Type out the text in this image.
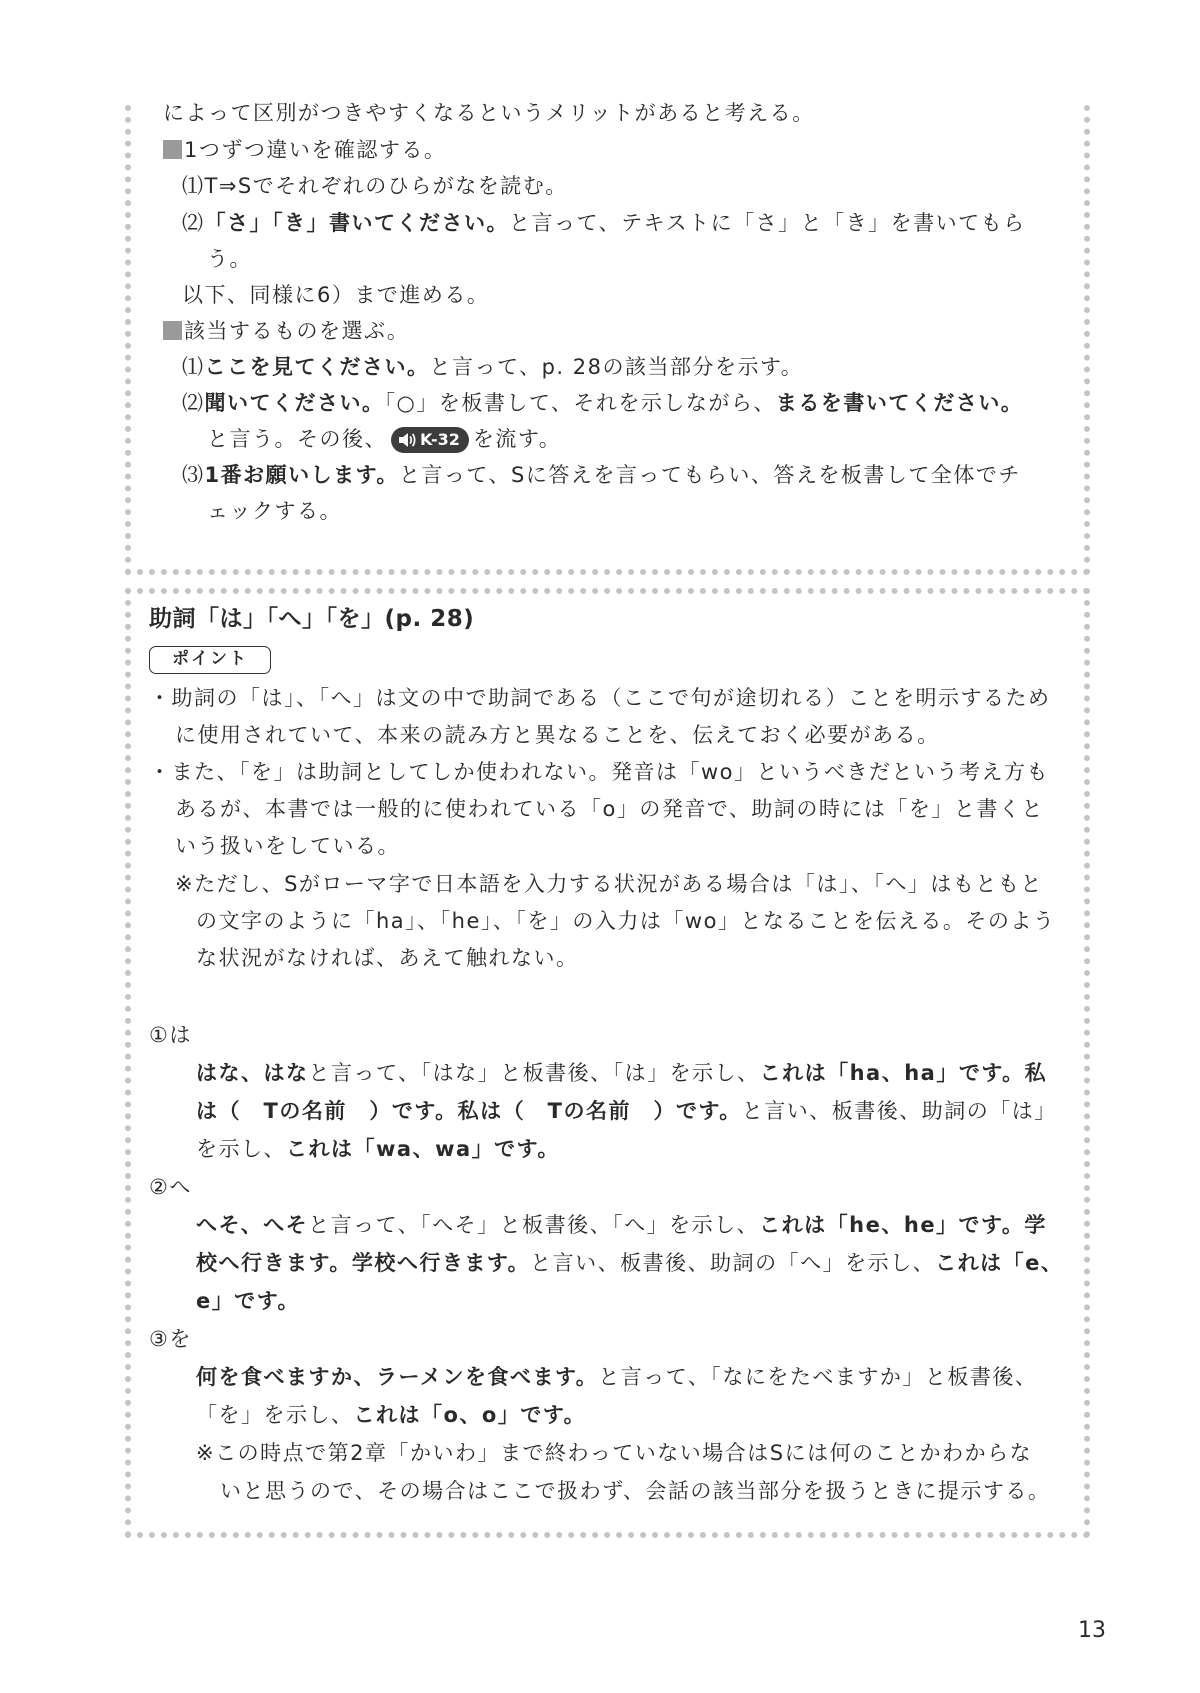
によって区別がつきやすくなるというメリットがあると考える。
1つずつ違いを確認する。
⑴T⇒Sでそれぞれのひらがなを読む。
⑵「さ」「き」書いてください。と言って、テキストに「さ」と「き」を書いてもら
う。
以下、同様に6）まで進める。
該当するものを選ぶ。
⑴ここを見てください。と言って、p. 28の該当部分を示す。
⑵聞いてください。「○」を板書して、それを示しながら、まるを書いてください。
と言う。その後、 K-32 を流す。
⑶1番お願いします。と言って、Sに答えを言ってもらい、答えを板書して全体でチ
ェックする。
助詞「は」「へ」「を」(p. 28)
ポイント
・助詞の「は」、「へ」は文の中で助詞である（ここで句が途切れる）ことを明示するため
に使用されていて、本来の読み方と異なることを、伝えておく必要がある。
・また、「を」は助詞としてしか使われない。発音は「wo」というべきだという考え方も
あるが、本書では一般的に使われている「o」の発音で、助詞の時には「を」と書くと
いう扱いをしている。
※ただし、Sがローマ字で日本語を入力する状況がある場合は「は」、「へ」はもともと
の文字のように「ha」、「he」、「を」の入力は「wo」となることを伝える。そのよう
な状況がなければ、あえて触れない。
①は
はな、はなと言って、「はな」と板書後、「は」を示し、これは「ha、ha」です。私
は（　Tの名前　）です。私は（　Tの名前　）です。と言い、板書後、助詞の「は」
を示し、これは「wa、wa」です。
②へ
へそ、へそと言って、「へそ」と板書後、「へ」を示し、これは「he、he」です。学
校へ行きます。学校へ行きます。と言い、板書後、助詞の「へ」を示し、これは「e、
e」です。
③を
何を食べますか、ラーメンを食べます。と言って、「なにをたべますか」と板書後、
「を」を示し、これは「o、o」です。
※この時点で第2章「かいわ」まで終わっていない場合はSには何のことかわからな
いと思うので、その場合はここで扱わず、会話の該当部分を扱うときに提示する。
13
